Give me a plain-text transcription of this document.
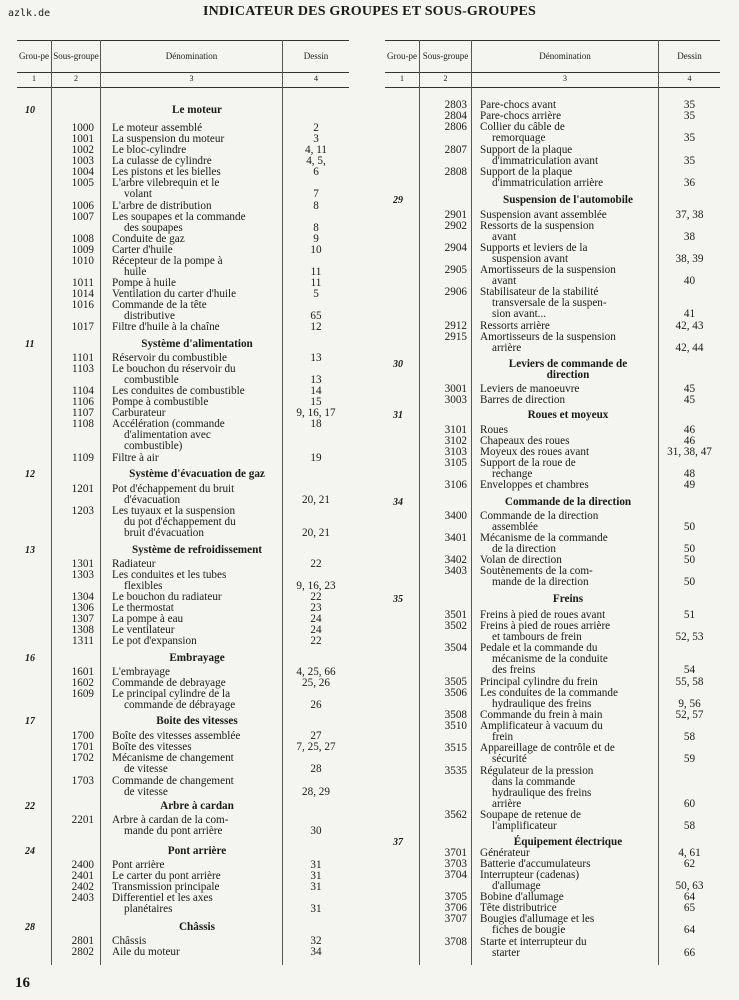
azlk.de	INDICATEUR DES GROUPES ET SOUS-GROUPES
Grou- pe Sous- groupe	Dénomination	Dessin
1	2	3	4
10	Le moteur
1000 Le moteur assemblé	2
1001 La suspension du moteur	3
1002 Le bloc-cylindre	4, 11
1003 La culasse de cylindre	4, 5,
1004 Les pistons et les bielles	6
1005 L'arbre vilebrequin et le
volant	7
1006 L'arbre de distribution	8
1007 Les soupapes et la commande
des soupapes	8
1008 Conduite de gaz	9
1009 Carter d'huile	10
1010 Récepteur de la pompe à
huile	11
1011 Pompe à huile	11
1014 Ventilation du carter d'huile	5
1016 Commande de la tête
distributive	65
1017 Filtre d'huile à la chaîne	12
11	Système d'alimentation
1101 Réservoir du combustible	13
1103 Le bouchon du réservoir du
combustible	13
1104 Les conduites de combustible	14
1106 Pompe à combustible	15
1107 Carburateur	9, 16, 17
1108 Accélération (commande
d'alimentation avec
combustible)
18
1109 Filtre à air	19
12	Système d'évacuation de gaz
1201 Pot d'échappement du bruit
d'évacuation	20, 21
1203 Les tuyaux et la suspension
du pot d'échappement du
bruit d'évacuation	20, 21
13	Système de refroidissement
1301 Radiateur	22
1303 Les conduites et les tubes
flexibles	9, 16, 23
1304 Le bouchon du radiateur	22
1306 Le thermostat	23
1307 La pompe à eau	24
1308 Le ventilateur	24
1311 Le pot d'expansion	22
16	Embrayage
1601 L'embrayage	4, 25, 66
1602 Commande de debrayage	25, 26
1609 Le principal cylindre de la
commande de débrayage	26
17	Boite des vitesses
1700 Boîte des vitesses assemblée	27
1701 Boîte des vitesses	7, 25, 27
1702 Mécanisme de changement
de vitesse	28
1703 Commande de changement
de vitesse	28, 29
22	Arbre à cardan
2201 Arbre à cardan de la com-
mande du pont arrière	30
24	Pont arrière
2400 Pont arrière	31
2401 Le carter du pont arrière	31
2402 Transmission principale	31
2403 Differentiel et les axes
planétaires	31
28	Châssis
2801 Châssis	32
2802 Aile du moteur	34
Grou- pe Sous- groupe	Dénomination	Dessin
1	2	3	4
2803 Pare-chocs avant	35
2804 Pare-chocs arrière	35
2806 Collier du câble de
remorquage	35
2807 Support de la plaque
d'immatriculation avant	35
2808 Support de la plaque
d'immatriculation arrière	36
29	Suspension de l'automobile
2901 Suspension avant assemblée	37, 38
2902 Ressorts de la suspension
avant	38
2904 Supports et leviers de la
suspension avant	38, 39
2905 Amortisseurs de la suspension
avant	40
2906 Stabilisateur de la stabilité
transversale de la suspen-
sion avant...	41
2912 Ressorts arrière	42, 43
2915 Amortisseurs de la suspension
arrière	42, 44
30	Leviers de commande de
direction
3001 Leviers de manoeuvre	45
3003 Barres de direction	45
31	Roues et moyeux
3101 Roues	46
3102 Chapeaux des roues	46
3103 Moyeux des roues avant	31, 38, 47
3105 Support de la roue de
rechange	48
3106 Enveloppes et chambres	49
34	Commande de la direction
3400 Commande de la direction
assemblée	50
3401 Mécanisme de la commande
de la direction	50
3402 Volan de direction	50
3403 Soutènements de la com-
mande de la direction	50
35	Freins
3501 Freins à pied de roues avant	51
3502 Freins à pied de roues arrière
et tambours de frein	52, 53
3504 Pedale et la commande du
mécanisme de la conduite
des freins	54
3505 Principal cylindre du frein	55, 58
3506 Les conduites de la commande
hydraulique des freins	9, 56
3508 Commande du frein à main	52, 57
3510 Amplificateur à vacuum du
frein	58
3515 Appareillage de contrôle et de
sécurité	59
3535 Régulateur de la pression
dans la commande
hydraulique des freins
arrière	60
3562 Soupape de retenue de
l'amplificateur	58
37	Équipement électrique
3701 Générateur	4, 61
3703 Batterie d'accumulateurs	62
3704 Interrupteur (cadenas)
d'allumage	50, 63
3705 Bobine d'allumage	64
3706 Tête distributrice	65
3707 Bougies d'allumage et les
fiches de bougie	64
3708 Starte et interrupteur du
starter	66
16
